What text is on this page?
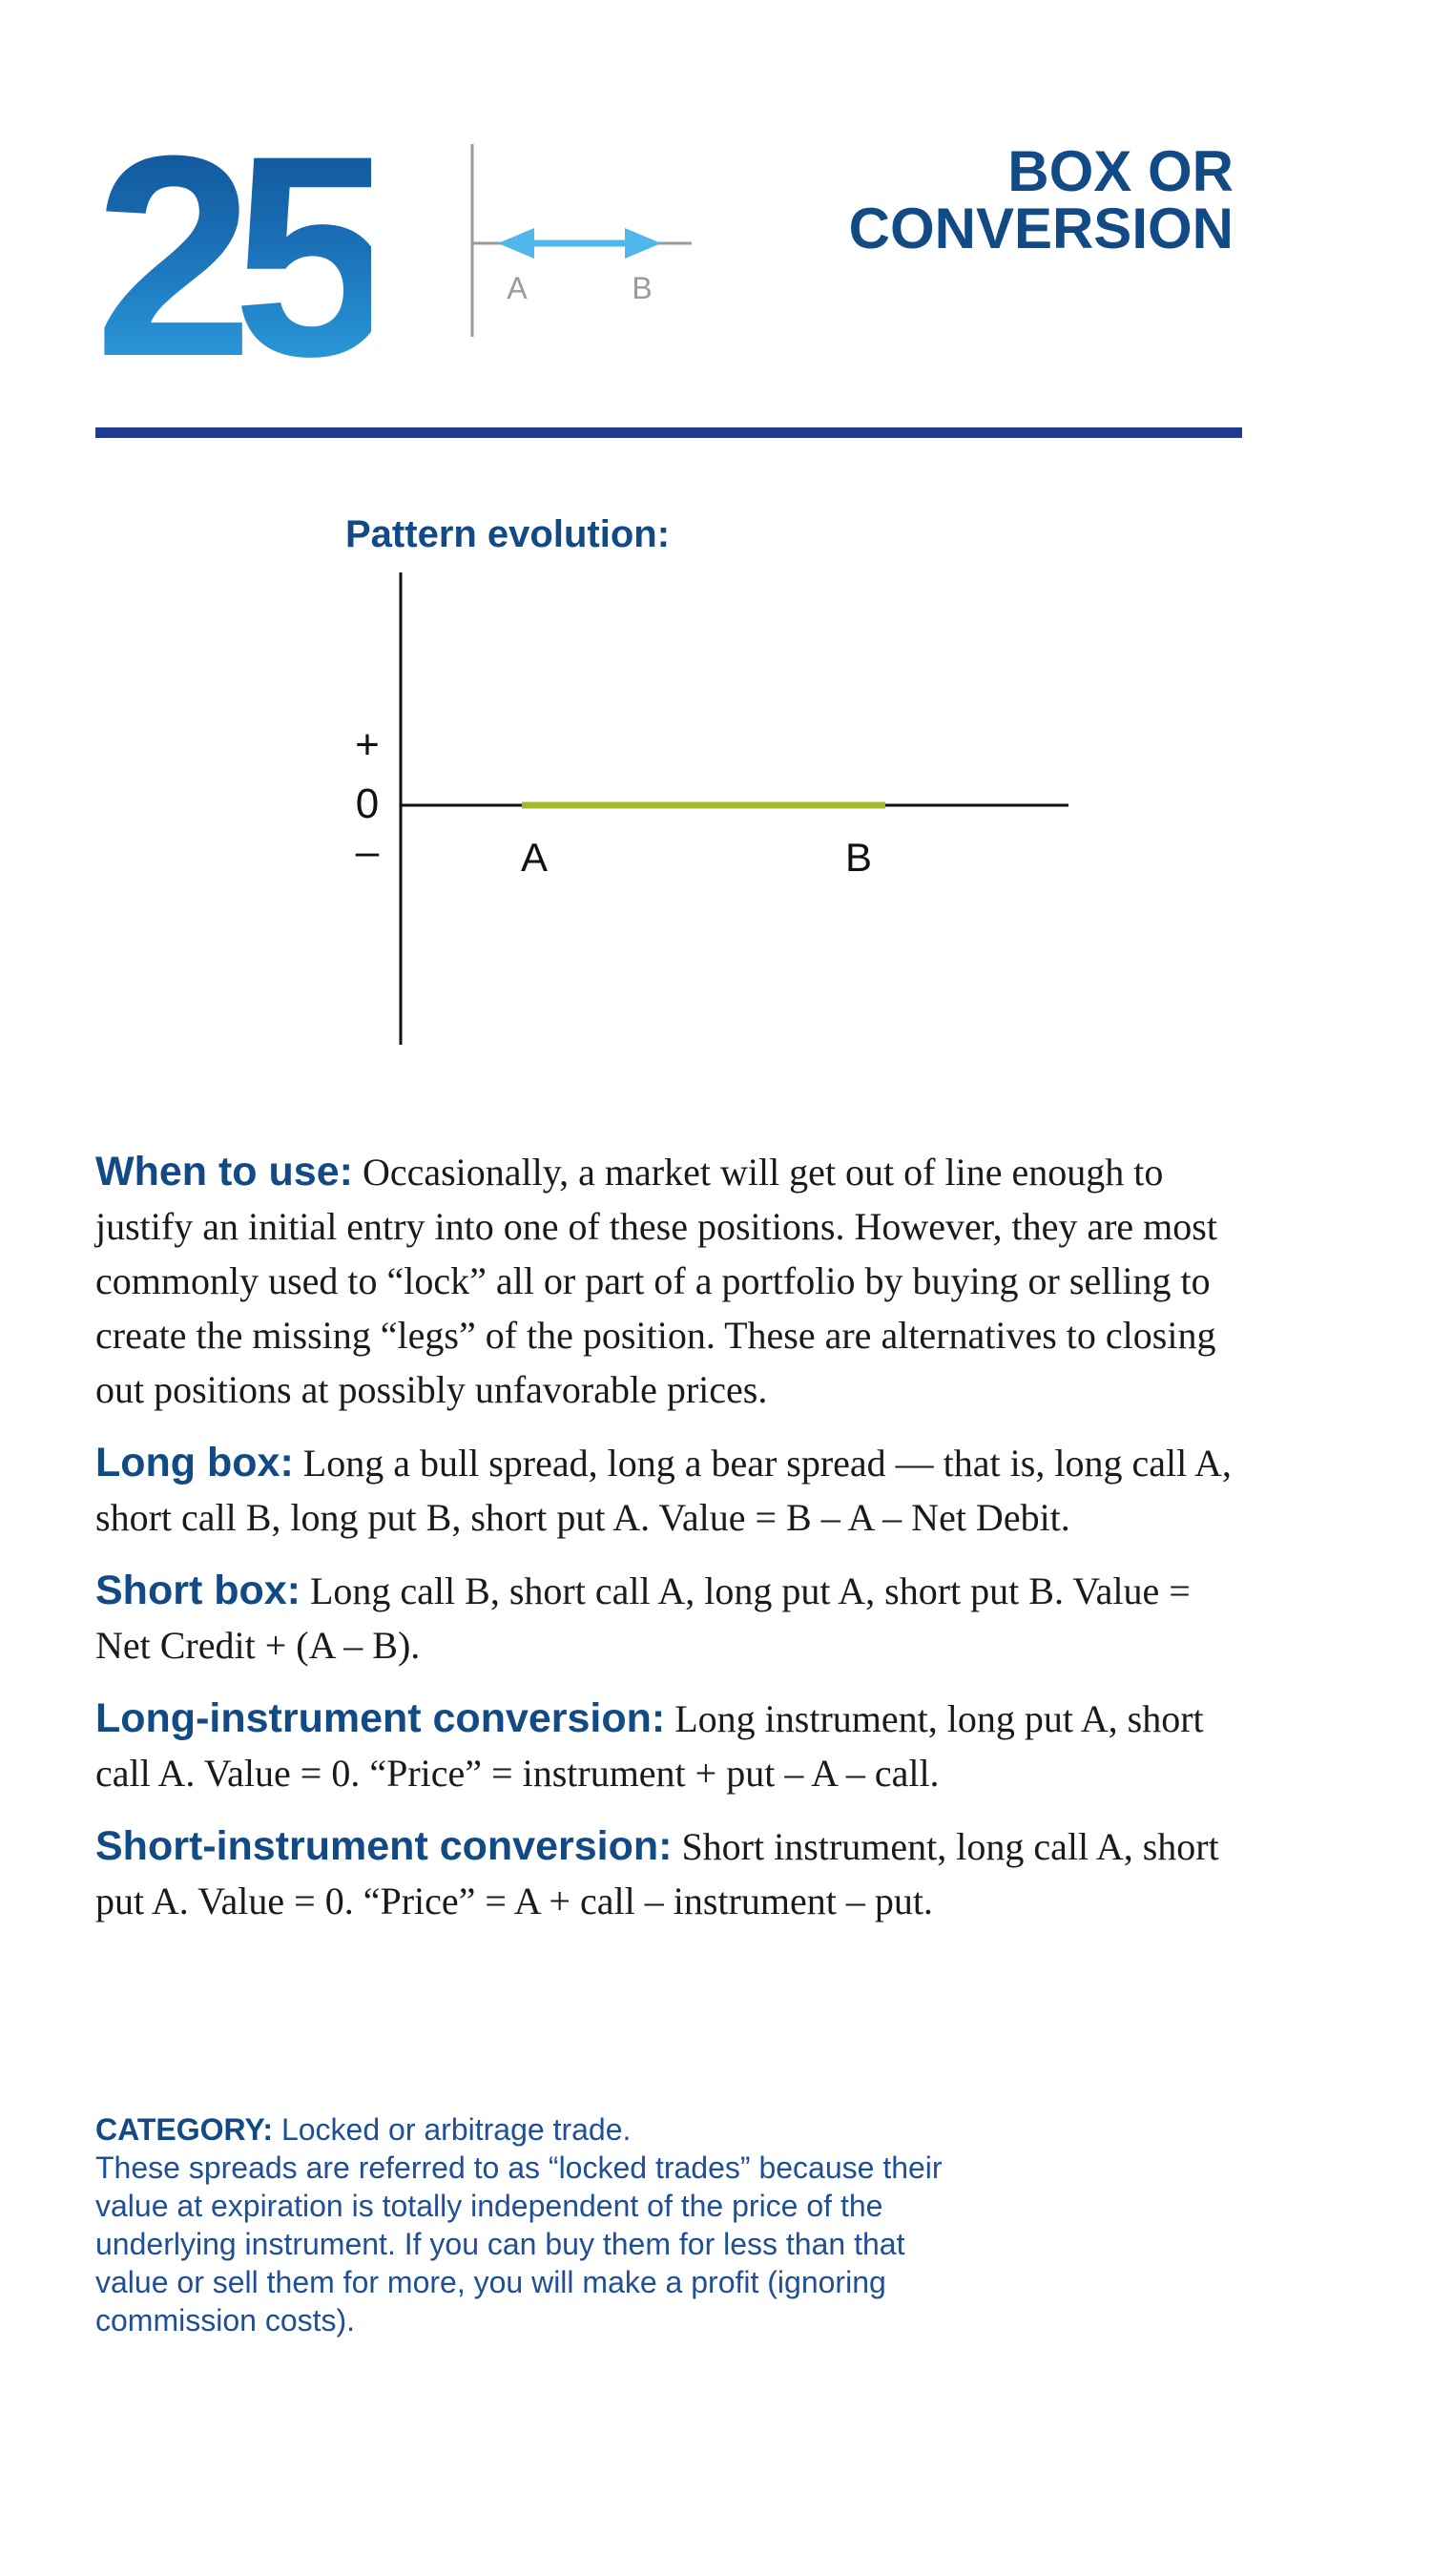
25	A	B
BOX OR
CONVERSION
Pattern evolution:
+
0
–	A	B

When to use: Occasionally, a market will get out of line enough to justify an initial entry into one of these positions. However, they are most commonly used to “lock” all or part of a portfolio by buying or selling to create the missing “legs” of the position. These are alternatives to closing out positions at possibly unfavorable prices.

Long box: Long a bull spread, long a bear spread — that is, long call A, short call B, long put B, short put A. Value = B – A – Net Debit.

Short box: Long call B, short call A, long put A, short put B. Value = Net Credit + (A – B).

Long-instrument conversion: Long instrument, long put A, short call A. Value = 0. “Price” = instrument + put – A – call.

Short-instrument conversion: Short instrument, long call A, short put A. Value = 0. “Price” = A + call – instrument – put.

CATEGORY: Locked or arbitrage trade.

These spreads are referred to as “locked trades” because their value at expiration is totally independent of the price of the underlying instrument. If you can buy them for less than that value or sell them for more, you will make a profit (ignoring commission costs).
